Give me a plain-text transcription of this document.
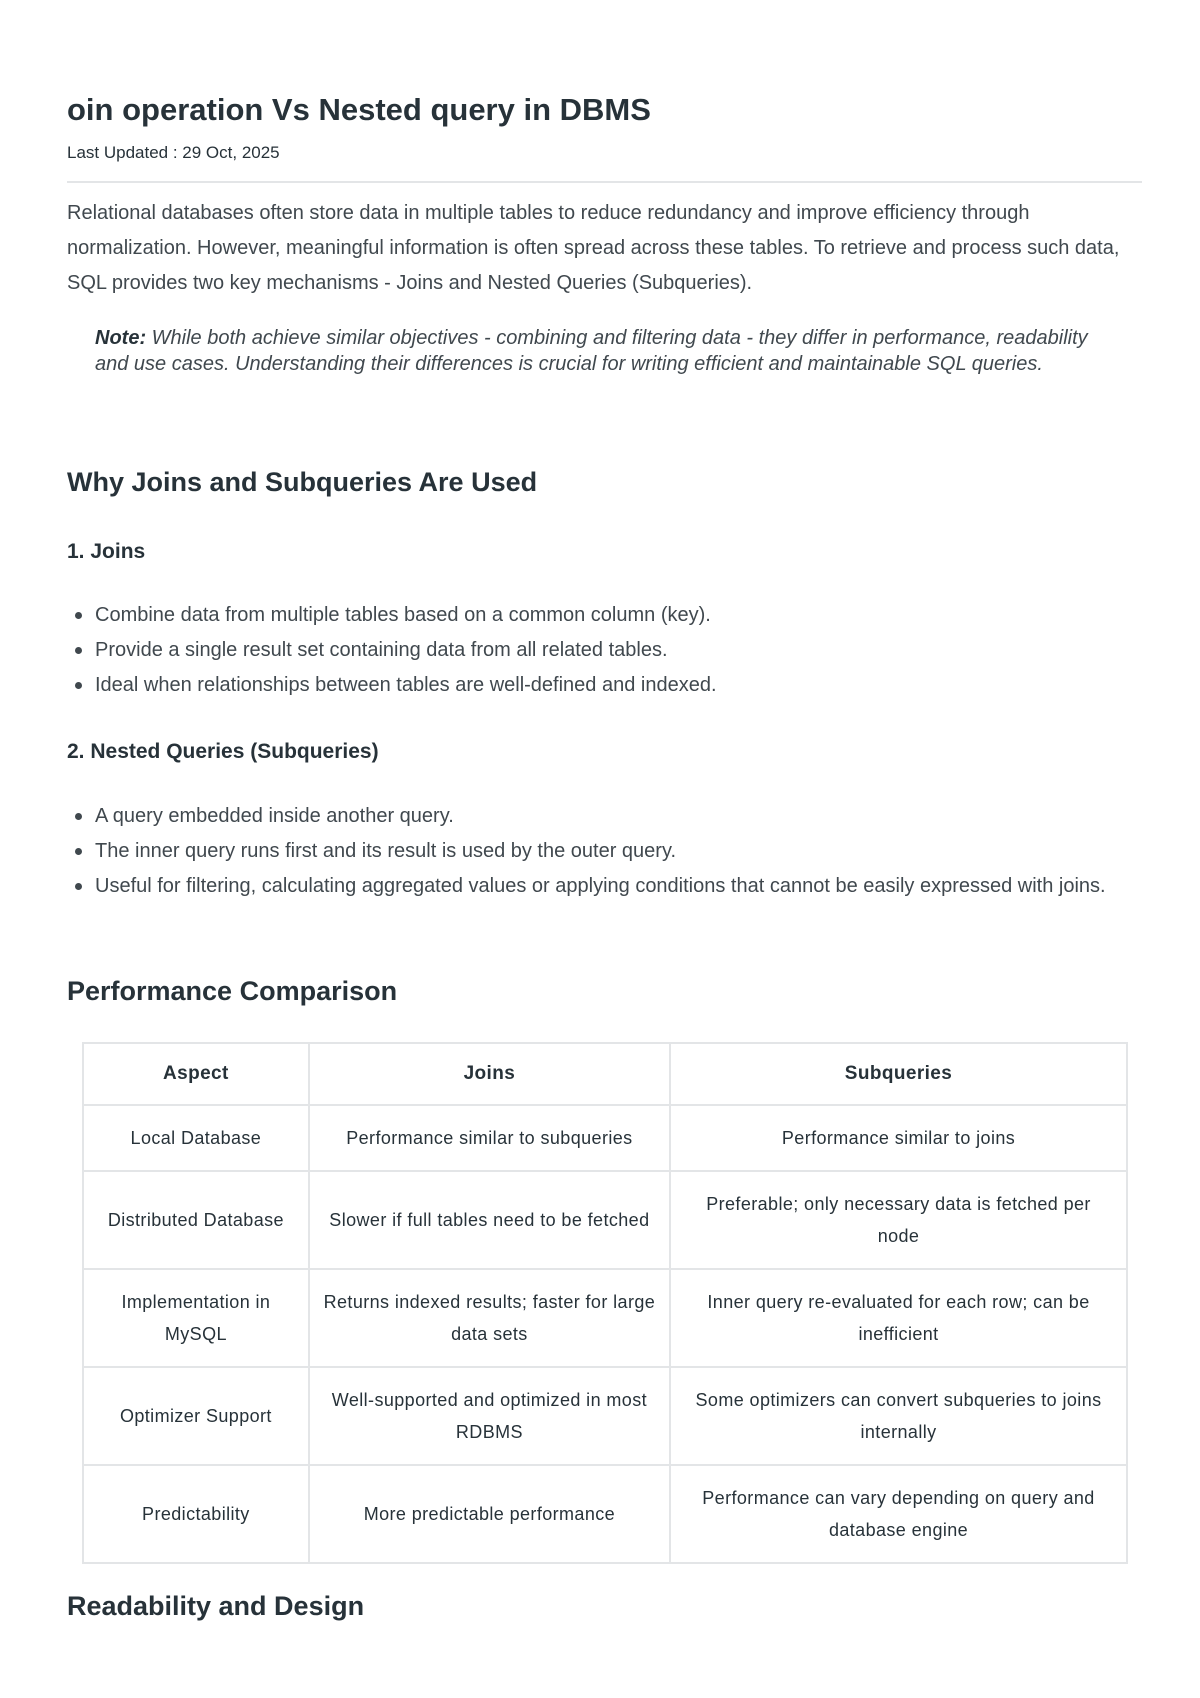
oin operation Vs Nested query in DBMS
Last Updated : 29 Oct, 2025

Relational databases often store data in multiple tables to reduce redundancy and improve efficiency through normalization. However, meaningful information is often spread across these tables. To retrieve and process such data, SQL provides two key mechanisms - Joins and Nested Queries (Subqueries).

Note: While both achieve similar objectives - combining and filtering data - they differ in performance, readability and use cases. Understanding their differences is crucial for writing efficient and maintainable SQL queries.

Why Joins and Subqueries Are Used
1. Joins
Combine data from multiple tables based on a common column (key).
Provide a single result set containing data from all related tables.
Ideal when relationships between tables are well-defined and indexed.
2. Nested Queries (Subqueries)
A query embedded inside another query.
The inner query runs first and its result is used by the outer query.
Useful for filtering, calculating aggregated values or applying conditions that cannot be easily expressed with joins.
Performance Comparison
Aspect	Joins	Subqueries
Local Database	Performance similar to subqueries	Performance similar to joins
Distributed Database	Slower if full tables need to be fetched	Preferable; only necessary data is fetched per node
Implementation in MySQL	Returns indexed results; faster for large data sets	Inner query re-evaluated for each row; can be inefficient
Optimizer Support	Well-supported and optimized in most RDBMS	Some optimizers can convert subqueries to joins internally
Predictability	More predictable performance	Performance can vary depending on query and database engine
Readability and Design
